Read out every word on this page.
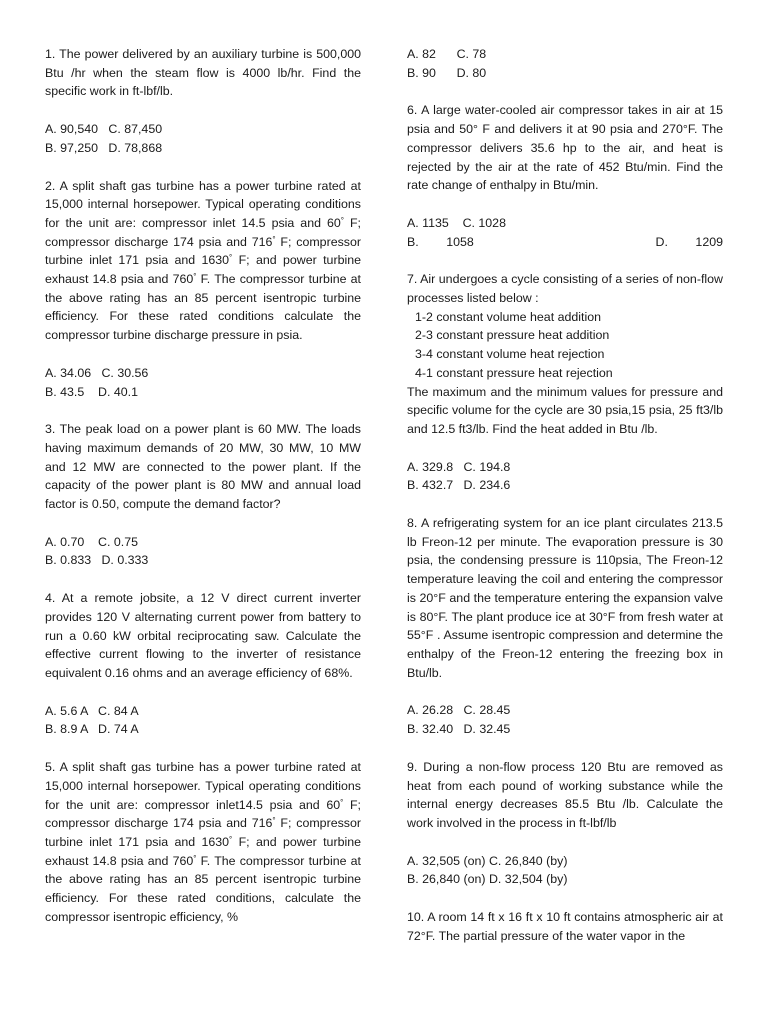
1. The power delivered by an auxiliary turbine is 500,000 Btu /hr when the steam flow is 4000 lb/hr. Find the specific work in ft-lbf/lb.
A. 90,540   C. 87,450
B. 97,250   D. 78,868
2. A split shaft gas turbine has a power turbine rated at 15,000 internal horsepower. Typical operating conditions for the unit are: compressor inlet 14.5 psia and 60° F; compressor discharge 174 psia and 716° F; compressor turbine inlet 171 psia and 1630° F; and power turbine exhaust 14.8 psia and 760° F. The compressor turbine at the above rating has an 85 percent isentropic turbine efficiency. For these rated conditions calculate the compressor turbine discharge pressure in psia.
A. 34.06   C. 30.56
B. 43.5    D. 40.1
3. The peak load on a power plant is 60 MW. The loads having maximum demands of 20 MW, 30 MW, 10 MW and 12 MW are connected to the power plant. If the capacity of the power plant is 80 MW and annual load factor is 0.50, compute the demand factor?
A. 0.70    C. 0.75
B. 0.833   D. 0.333
4. At a remote jobsite, a 12 V direct current inverter provides 120 V alternating current power from battery to run a 0.60 kW orbital reciprocating saw. Calculate the effective current flowing to the inverter of resistance equivalent 0.16 ohms and an average efficiency of 68%.
A. 5.6 A   C. 84 A
B. 8.9 A   D. 74 A
5. A split shaft gas turbine has a power turbine rated at 15,000 internal horsepower. Typical operating conditions for the unit are: compressor inlet14.5 psia and 60° F; compressor discharge 174 psia and 716° F; compressor turbine inlet 171 psia and 1630° F; and power turbine exhaust 14.8 psia and 760° F. The compressor turbine at the above rating has an 85 percent isentropic turbine efficiency. For these rated conditions, calculate the compressor isentropic efficiency, %
A. 82      C. 78
B. 90      D. 80
6. A large water-cooled air compressor takes in air at 15 psia and 50° F and delivers it at 90 psia and 270°F. The compressor delivers 35.6 hp to the air, and heat is rejected by the air at the rate of 452 Btu/min. Find the rate change of enthalpy in Btu/min.
A. 1135    C. 1028
B.        1058	D.        1209
7. Air undergoes a cycle consisting of a series of non-flow processes listed below :
1-2 constant volume heat addition
2-3 constant pressure heat addition
3-4 constant volume heat rejection
4-1 constant pressure heat rejection
The maximum and the minimum values for pressure and specific volume for the cycle are 30 psia,15 psia, 25 ft3/lb and 12.5 ft3/lb. Find the heat added in Btu /lb.
A. 329.8   C. 194.8
B. 432.7   D. 234.6
8. A refrigerating system for an ice plant circulates 213.5 lb Freon-12 per minute. The evaporation pressure is 30 psia, the condensing pressure is 110psia, The Freon-12 temperature leaving the coil and entering the compressor is 20°F and the temperature entering the expansion valve is 80°F. The plant produce ice at 30°F from fresh water at 55°F . Assume isentropic compression and determine the enthalpy of the Freon-12 entering the freezing box in Btu/lb.
A. 26.28   C. 28.45
B. 32.40   D. 32.45
9. During a non-flow process 120 Btu are removed as heat from each pound of working substance while the internal energy decreases 85.5 Btu /lb. Calculate the work involved in the process in ft-lbf/lb
A. 32,505 (on) C. 26,840 (by)
B. 26,840 (on) D. 32,504 (by)
10. A room 14 ft x 16 ft x 10 ft contains atmospheric air at 72°F. The partial pressure of the water vapor in the
